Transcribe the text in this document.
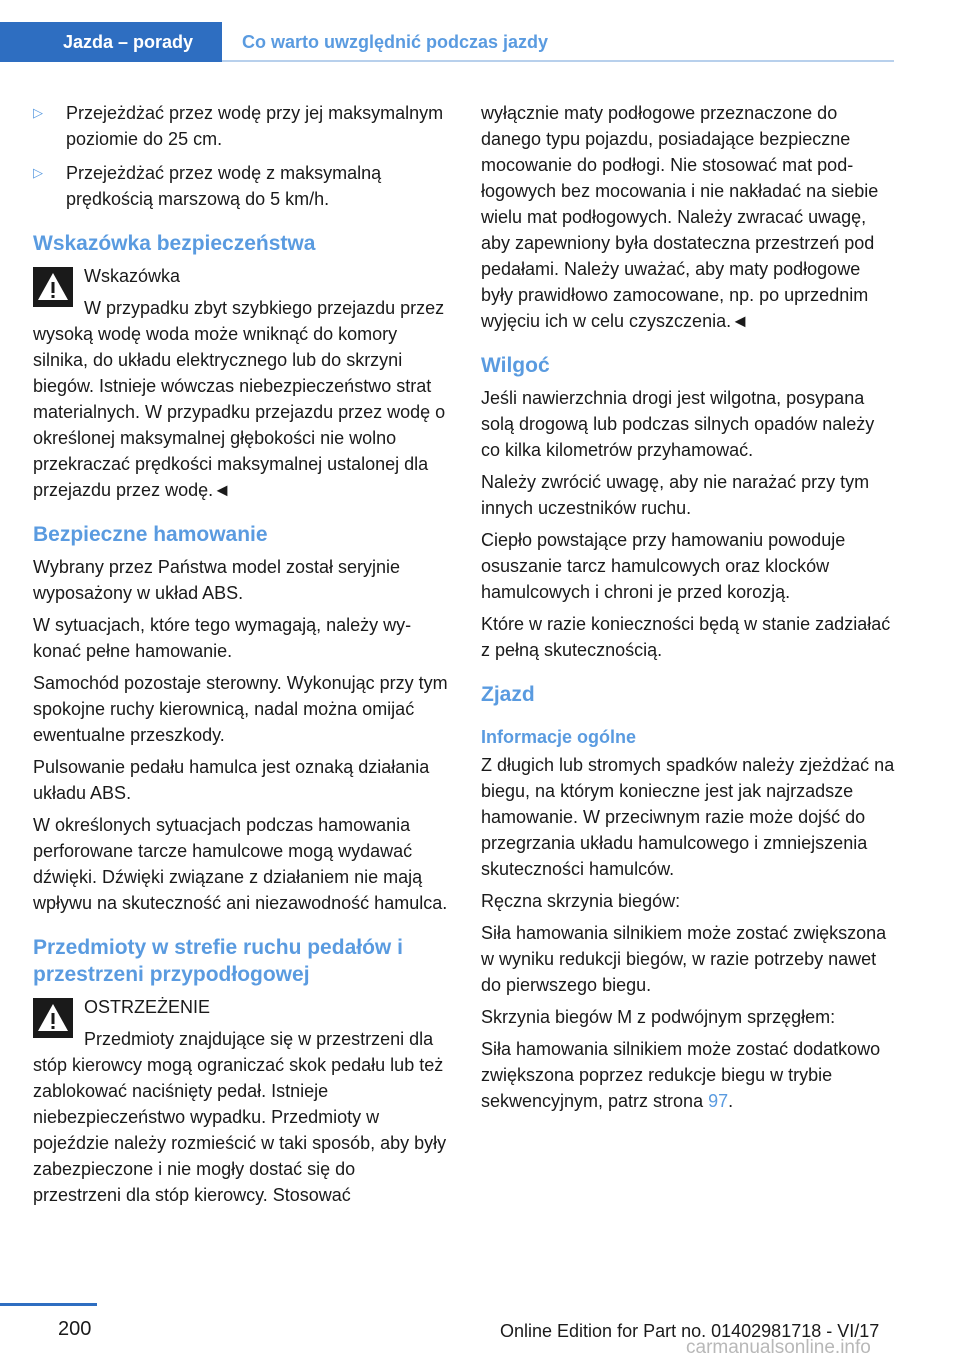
Jazda – porady	Co warto uwzględnić podczas jazdy
▷ Przejeżdżać przez wodę przy jej maksymalnym poziomie do 25 cm.
▷ Przejeżdżać przez wodę z maksymalną prędkością marszową do 5 km/h.
Wskazówka bezpieczeństwa

Wskazówka

W przypadku zbyt szybkiego przejazdu przez wysoką wodę woda może wniknąć do komory silnika, do układu elektrycznego lub do skrzyni biegów. Istnieje wówczas niebezpieczeństwo strat materialnych. W przypadku przejazdu przez wodę o określonej maksymalnej głębokości nie wolno przekraczać prędkości maksymalnej ustalonej dla przejazdu przez wodę.◄

Bezpieczne hamowanie

Wybrany przez Państwa model został seryjnie wyposażony w układ ABS.

W sytuacjach, które tego wymagają, należy wykonać pełne hamowanie.

Samochód pozostaje sterowny. Wykonując przy tym spokojne ruchy kierownicą, nadal można omijać ewentualne przeszkody.

Pulsowanie pedału hamulca jest oznaką działania układu ABS.

W określonych sytuacjach podczas hamowania perforowane tarcze hamulcowe mogą wydawać dźwięki. Dźwięki związane z działaniem nie mają wpływu na skuteczność ani niezawodność hamulca.

Przedmioty w strefie ruchu pedałów i przestrzeni przypodłogowej

OSTRZEŻENIE

Przedmioty znajdujące się w przestrzeni dla stóp kierowcy mogą ograniczać skok pedału lub też zablokować naciśnięty pedał. Istnieje niebezpieczeństwo wypadku. Przedmioty w pojeździe należy rozmieścić w taki sposób, aby były zabezpieczone i nie mogły dostać się do przestrzeni dla stóp kierowcy. Stosować

wyłącznie maty podłogowe przeznaczone do danego typu pojazdu, posiadające bezpieczne mocowanie do podłogi. Nie stosować mat podłogowych bez mocowania i nie nakładać na siebie wielu mat podłogowych. Należy zwracać uwagę, aby zapewniony była dostateczna przestrzeń pod pedałami. Należy uważać, aby maty podłogowe były prawidłowo zamocowane, np. po uprzednim wyjęciu ich w celu czyszczenia.◄

Wilgoć

Jeśli nawierzchnia drogi jest wilgotna, posypana solą drogową lub podczas silnych opadów należy co kilka kilometrów przyhamować.

Należy zwrócić uwagę, aby nie narażać przy tym innych uczestników ruchu.

Ciepło powstające przy hamowaniu powoduje osuszanie tarcz hamulcowych oraz klocków hamulcowych i chroni je przed korozją.

Które w razie konieczności będą w stanie zadziałać z pełną skutecznością.

Zjazd
Informacje ogólne

Z długich lub stromych spadków należy zjeżdżać na biegu, na którym konieczne jest jak najrzadsze hamowanie. W przeciwnym razie może dojść do przegrzania układu hamulcowego i zmniejszenia skuteczności hamulców.

Ręczna skrzynia biegów:

Siła hamowania silnikiem może zostać zwiększona w wyniku redukcji biegów, w razie potrzeby nawet do pierwszego biegu.

Skrzynia biegów M z podwójnym sprzęgłem:

Siła hamowania silnikiem może zostać dodatkowo zwiększona poprzez redukcje biegu w trybie sekwencyjnym, patrz strona 97.

200	Online Edition for Part no. 01402981718 - VI/17
carmanualsonline.info
